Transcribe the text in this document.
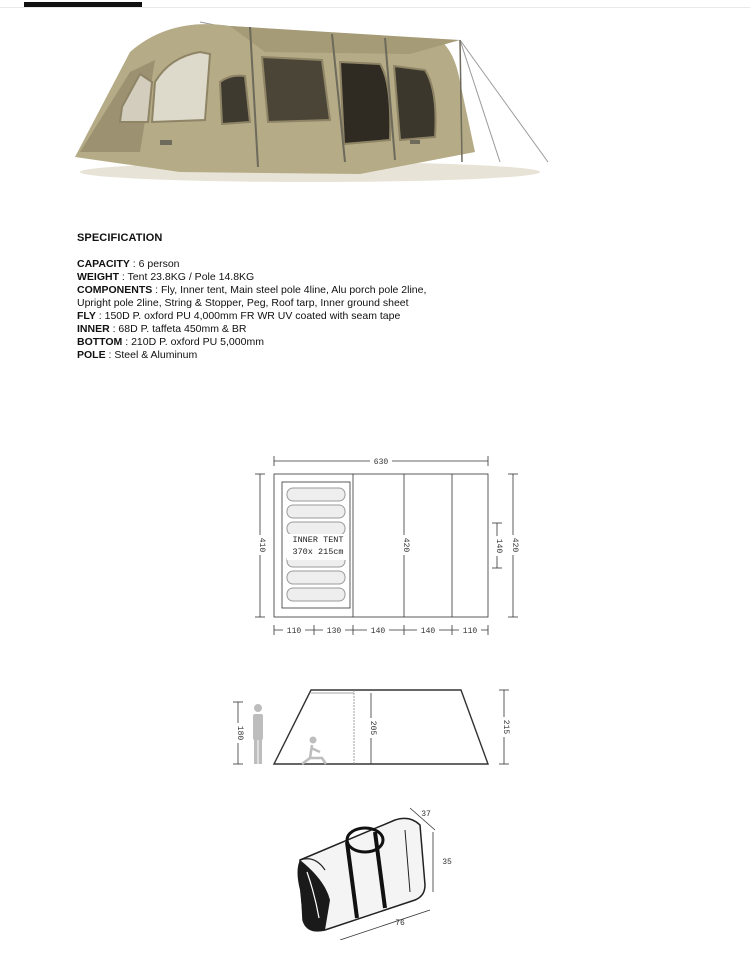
SPECIFICATION
CAPACITY : 6 person
WEIGHT : Tent 23.8KG / Pole 14.8KG
COMPONENTS : Fly, Inner tent, Main steel pole 4line, Alu porch pole 2line,
Upright pole 2line, String & Stopper, Peg, Roof tarp, Inner ground sheet
FLY : 150D P. oxford PU 4,000mm FR WR UV coated with seam tape
INNER : 68D P. taffeta 450mm & BR
BOTTOM : 210D P. oxford PU 5,000mm
POLE : Steel & Aluminum
INNER TENT
370x 215cm
630
410	420	140 420
110	130	140	140	110
180	205	215
37
35
76
